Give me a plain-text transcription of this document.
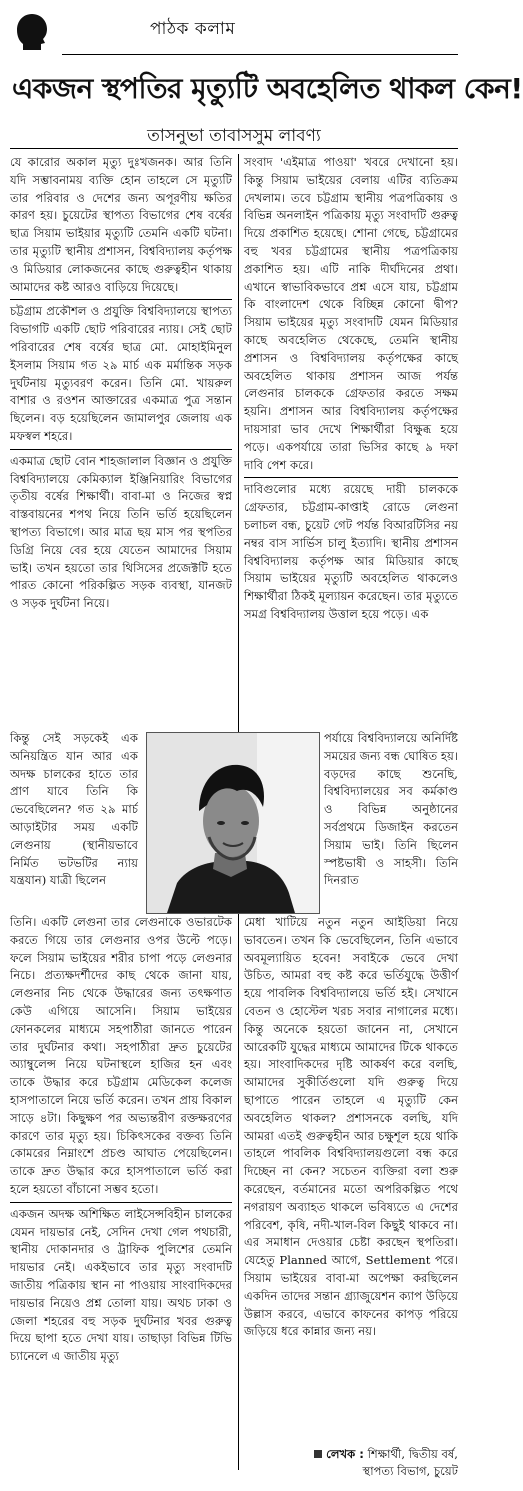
পাঠক কলাম
একজন স্থপতির মৃত্যুটি অবহেলিত থাকল কেন!
তাসনুভা তাবাসসুম লাবণ্য

যে কারোর অকাল মৃত্যু দুঃখজনক। আর তিনি যদি সম্ভাবনাময় ব্যক্তি হোন তাহলে সে মৃত্যুটি তার পরিবার ও দেশের জন্য অপূরণীয় ক্ষতির কারণ হয়। চুয়েটের স্থাপত্য বিভাগের শেষ বর্ষের ছাত্র সিয়াম ভাইয়ার মৃত্যুটি তেমনি একটি ঘটনা। তার মৃত্যুটি স্থানীয় প্রশাসন, বিশ্ববিদ্যালয় কর্তৃপক্ষ ও মিডিয়ার লোকজনের কাছে গুরুত্বহীন থাকায় আমাদের কষ্ট আরও বাড়িয়ে দিয়েছে।

চট্টগ্রাম প্রকৌশল ও প্রযুক্তি বিশ্ববিদ্যালয়ে স্থাপত্য বিভাগটি একটি ছোট পরিবারের ন্যায়। সেই ছোট পরিবারের শেষ বর্ষের ছাত্র মো. মোহাইমিনুল ইসলাম সিয়াম গত ২৯ মার্চ এক মর্মান্তিক সড়ক দুর্ঘটনায় মৃত্যুবরণ করেন। তিনি মো. খায়রুল বাশার ও রওশন আক্তারের একমাত্র পুত্র সন্তান ছিলেন। বড় হয়েছিলেন জামালপুর জেলায় এক মফস্বল শহরে।

একমাত্র ছোট বোন শাহজালাল বিজ্ঞান ও প্রযুক্তি বিশ্ববিদ্যালয়ে কেমিক্যাল ইঞ্জিনিয়ারিং বিভাগের তৃতীয় বর্ষের শিক্ষার্থী। বাবা-মা ও নিজের স্বপ্ন বাস্তবায়নের শপথ নিয়ে তিনি ভর্তি হয়েছিলেন স্থাপত্য বিভাগে। আর মাত্র ছয় মাস পর স্থপতির ডিগ্রি নিয়ে বের হয়ে যেতেন আমাদের সিয়াম ভাই। তখন হয়তো তার থিসিসের প্রজেক্টটি হতে পারত কোনো পরিকল্পিত সড়ক ব্যবস্থা, যানজট ও সড়ক দুর্ঘটনা নিয়ে।

কিন্তু সেই সড়কেই এক অনিয়ন্ত্রিত যান আর এক অদক্ষ চালকের হাতে তার প্রাণ যাবে তিনি কি ভেবেছিলেন? গত ২৯ মার্চ আড়াইটার সময় একটি লেগুনায় (স্থানীয়ভাবে নির্মিত ভটভটির ন্যায় যন্ত্রযান) যাত্রী ছিলেন

তিনি। একটি লেগুনা তার লেগুনাকে ওভারটেক করতে গিয়ে তার লেগুনার ওপর উল্টে পড়ে। ফলে সিয়াম ভাইয়ের শরীর চাপা পড়ে লেগুনার নিচে। প্রত্যক্ষদর্শীদের কাছ থেকে জানা যায়, লেগুনার নিচ থেকে উদ্ধারের জন্য তৎক্ষণাত কেউ এগিয়ে আসেনি। সিয়াম ভাইয়ের ফোনকলের মাধ্যমে সহপাঠীরা জানতে পারেন তার দুর্ঘটনার কথা। সহপাঠীরা দ্রুত চুয়েটের অ্যাম্বুলেন্স নিয়ে ঘটনাস্থলে হাজির হন এবং তাকে উদ্ধার করে চট্টগ্রাম মেডিকেল কলেজ হাসপাতালে নিয়ে ভর্তি করেন। তখন প্রায় বিকাল সাড়ে ৪টা। কিছুক্ষণ পর অভ্যন্তরীণ রক্তক্ষরণের কারণে তার মৃত্যু হয়। চিকিৎসকের বক্তব্য তিনি কোমরের নিম্নাংশে প্রচণ্ড আঘাত পেয়েছিলেন। তাকে দ্রুত উদ্ধার করে হাসপাতালে ভর্তি করা হলে হয়তো বাঁচানো সম্ভব হতো।

একজন অদক্ষ অশিক্ষিত লাইসেন্সবিহীন চালকের যেমন দায়ভার নেই, সেদিন দেখা গেল পথচারী, স্থানীয় দোকানদার ও ট্রাফিক পুলিশের তেমনি দায়ভার নেই। একইভাবে তার মৃত্যু সংবাদটি জাতীয় পত্রিকায় স্থান না পাওয়ায় সাংবাদিকদের দায়ভার নিয়েও প্রশ্ন তোলা যায়। অথচ ঢাকা ও জেলা শহরের বহু সড়ক দুর্ঘটনার খবর গুরুত্ব দিয়ে ছাপা হতে দেখা যায়। তাছাড়া বিভিন্ন টিভি চ্যানেলে এ জাতীয় মৃত্যু

সংবাদ 'এইমাত্র পাওয়া' খবরে দেখানো হয়। কিন্তু সিয়াম ভাইয়ের বেলায় এটির ব্যতিক্রম দেখলাম। তবে চট্টগ্রাম স্থানীয় পত্রপত্রিকায় ও বিভিন্ন অনলাইন পত্রিকায় মৃত্যু সংবাদটি গুরুত্ব দিয়ে প্রকাশিত হয়েছে। শোনা গেছে, চট্টগ্রামের বহু খবর চট্টগ্রামের স্থানীয় পত্রপত্রিকায় প্রকাশিত হয়। এটি নাকি দীর্ঘদিনের প্রথা। এখানে স্বাভাবিকভাবে প্রশ্ন এসে যায়, চট্টগ্রাম কি বাংলাদেশ থেকে বিচ্ছিন্ন কোনো দ্বীপ? সিয়াম ভাইয়ের মৃত্যু সংবাদটি যেমন মিডিয়ার কাছে অবহেলিত থেকেছে, তেমনি স্থানীয় প্রশাসন ও বিশ্ববিদ্যালয় কর্তৃপক্ষের কাছে অবহেলিত থাকায় প্রশাসন আজ পর্যন্ত লেগুনার চালককে গ্রেফতার করতে সক্ষম হয়নি। প্রশাসন আর বিশ্ববিদ্যালয় কর্তৃপক্ষের দায়সারা ভাব দেখে শিক্ষার্থীরা বিক্ষুব্ধ হয়ে পড়ে। একপর্যায়ে তারা ভিসির কাছে ৯ দফা দাবি পেশ করে।

দাবিগুলোর মধ্যে রয়েছে দায়ী চালককে গ্রেফতার, চট্টগ্রাম-কাপ্তাই রোডে লেগুনা চলাচল বন্ধ, চুয়েট গেট পর্যন্ত বিআরটিসির নয় নম্বর বাস সার্ভিস চালু ইত্যাদি। স্থানীয় প্রশাসন বিশ্ববিদ্যালয় কর্তৃপক্ষ আর মিডিয়ার কাছে সিয়াম ভাইয়ের মৃত্যুটি অবহেলিত থাকলেও শিক্ষার্থীরা ঠিকই মূল্যায়ন করেছেন। তার মৃত্যুতে সমগ্র বিশ্ববিদ্যালয় উত্তাল হয়ে পড়ে। এক

পর্যায়ে বিশ্ববিদ্যালয়ে অনির্দিষ্ট সময়ের জন্য বন্ধ ঘোষিত হয়। বড়দের কাছে শুনেছি, বিশ্ববিদ্যালয়ের সব কর্মকাণ্ড ও বিভিন্ন অনুষ্ঠানের সর্বপ্রথমে ডিজাইন করতেন সিয়াম ভাই। তিনি ছিলেন স্পষ্টভাষী ও সাহসী। তিনি দিনরাত

মেধা খাটিয়ে নতুন নতুন আইডিয়া নিয়ে ভাবতেন। তখন কি ভেবেছিলেন, তিনি এভাবে অবমূল্যায়িত হবেন! সবাইকে ভেবে দেখা উচিত, আমরা বহু কষ্ট করে ভর্তিযুদ্ধে উত্তীর্ণ হয়ে পাবলিক বিশ্ববিদ্যালয়ে ভর্তি হই। সেখানে বেতন ও হোস্টেল খরচ সবার নাগালের মধ্যে। কিন্তু অনেকে হয়তো জানেন না, সেখানে আরেকটি যুদ্ধের মাধ্যমে আমাদের টিকে থাকতে হয়। সাংবাদিকদের দৃষ্টি আকর্ষণ করে বলছি, আমাদের সুকীর্তিগুলো যদি গুরুত্ব দিয়ে ছাপাতে পারেন তাহলে এ মৃত্যুটি কেন অবহেলিত থাকল? প্রশাসনকে বলছি, যদি আমরা এতই গুরুত্বহীন আর চক্ষুশূল হয়ে থাকি তাহলে পাবলিক বিশ্ববিদ্যালয়গুলো বন্ধ করে দিচ্ছেন না কেন? সচেতন ব্যক্তিরা বলা শুরু করেছেন, বর্তমানের মতো অপরিকল্পিত পথে নগরায়ণ অব্যাহত থাকলে ভবিষ্যতে এ দেশের পরিবেশ, কৃষি, নদী-খাল-বিল কিছুই থাকবে না। এর সমাধান দেওয়ার চেষ্টা করছেন স্থপতিরা। যেহেতু Planned আগে, Settlement পরে। সিয়াম ভাইয়ের বাবা-মা অপেক্ষা করছিলেন একদিন তাদের সন্তান গ্র্যাজুয়েশন ক্যাপ উড়িয়ে উল্লাস করবে, এভাবে কাফনের কাপড় পরিয়ে জড়িয়ে ধরে কান্নার জন্য নয়।

লেখক : শিক্ষার্থী, দ্বিতীয় বর্ষ,
স্থাপত্য বিভাগ, চুয়েট
